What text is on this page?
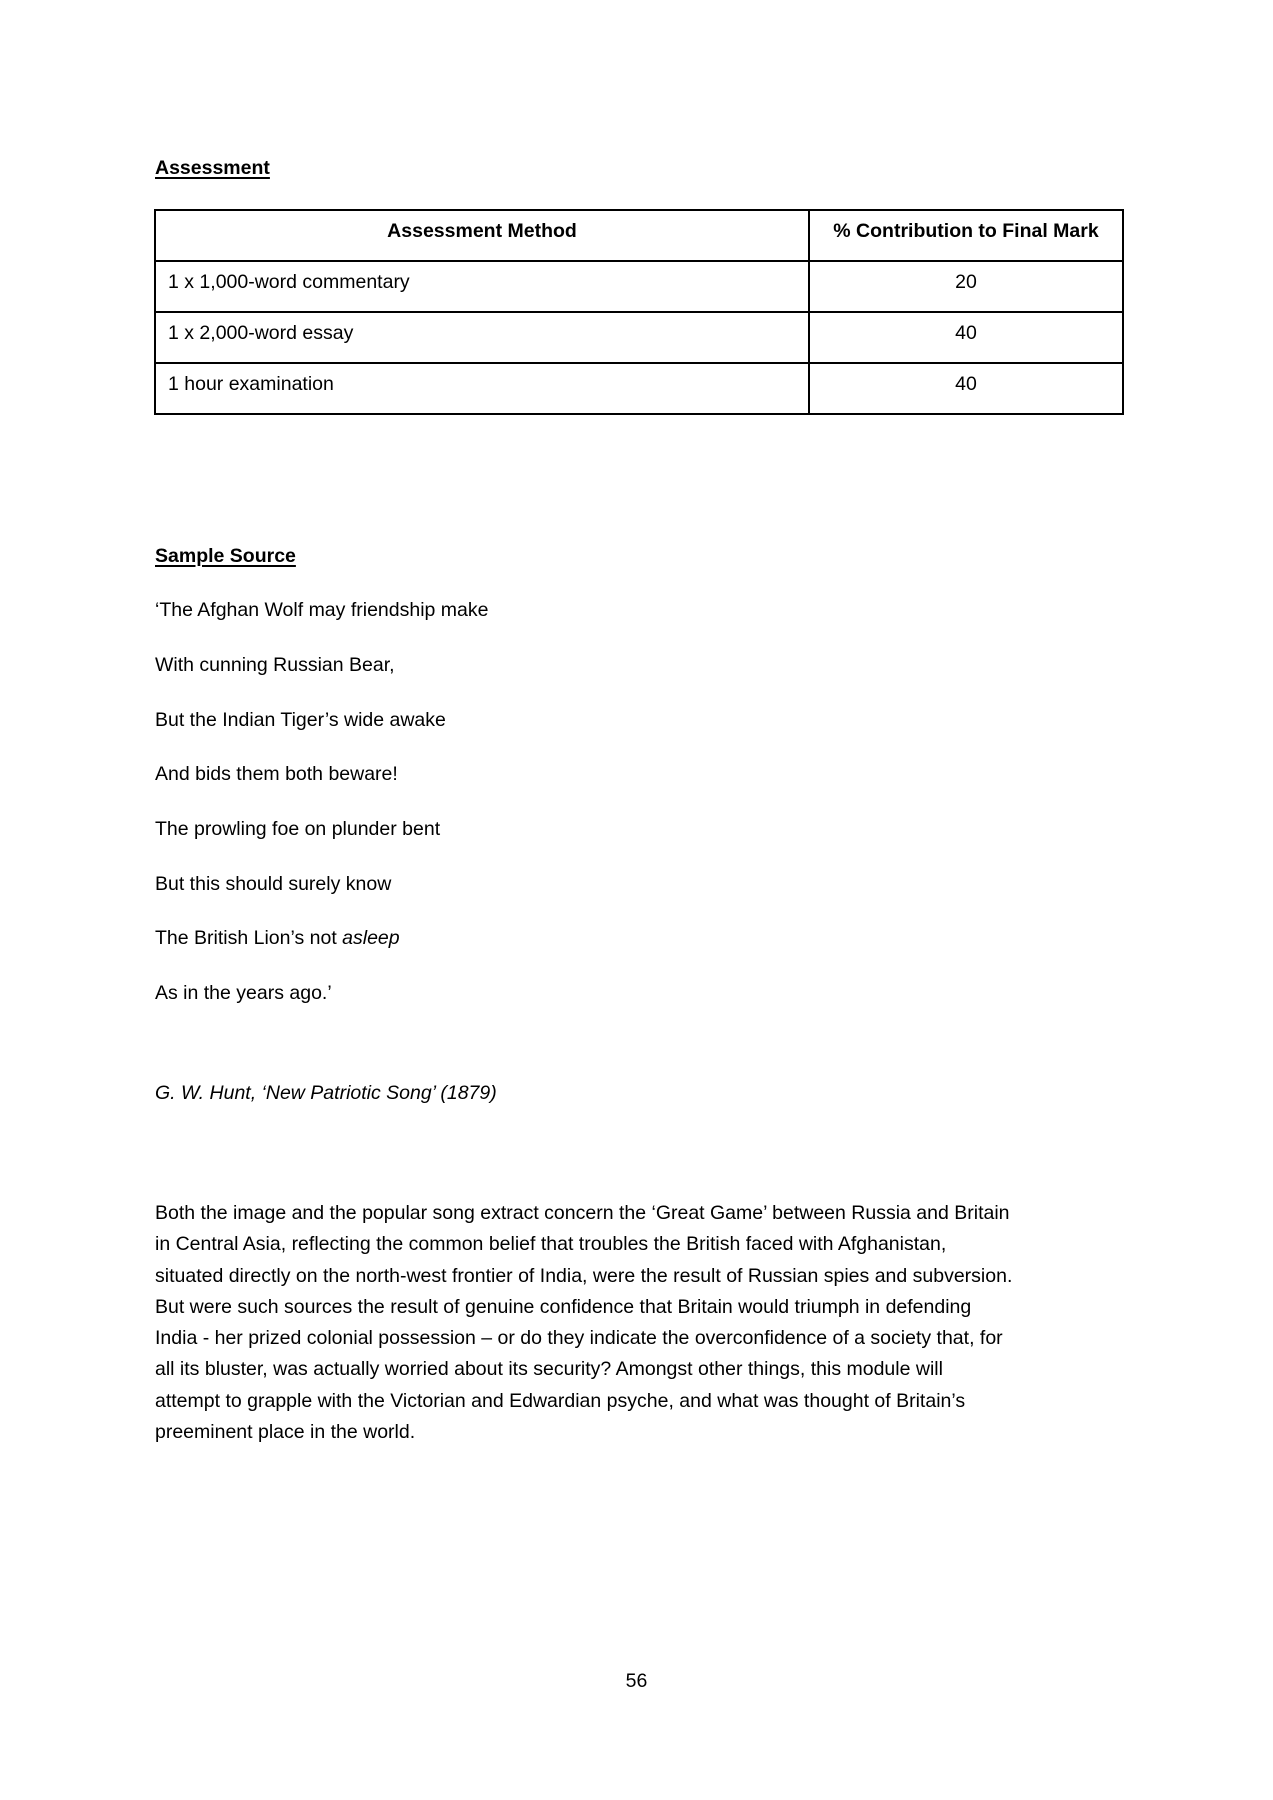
Assessment
Assessment Method	% Contribution to Final Mark
1 x 1,000-word commentary	20
1 x 2,000-word essay	40
1 hour examination	40
Sample Source
‘The Afghan Wolf may friendship make
With cunning Russian Bear,
But the Indian Tiger’s wide awake
And bids them both beware!
The prowling foe on plunder bent
But this should surely know
The British Lion’s not asleep
As in the years ago.’
G. W. Hunt, ‘New Patriotic Song’ (1879)
Both the image and the popular song extract concern the ‘Great Game’ between Russia and Britain
in Central Asia, reflecting the common belief that troubles the British faced with Afghanistan,
situated directly on the north-west frontier of India, were the result of Russian spies and subversion.
But were such sources the result of genuine confidence that Britain would triumph in defending
India - her prized colonial possession – or do they indicate the overconfidence of a society that, for
all its bluster, was actually worried about its security? Amongst other things, this module will
attempt to grapple with the Victorian and Edwardian psyche, and what was thought of Britain’s
preeminent place in the world.
56
